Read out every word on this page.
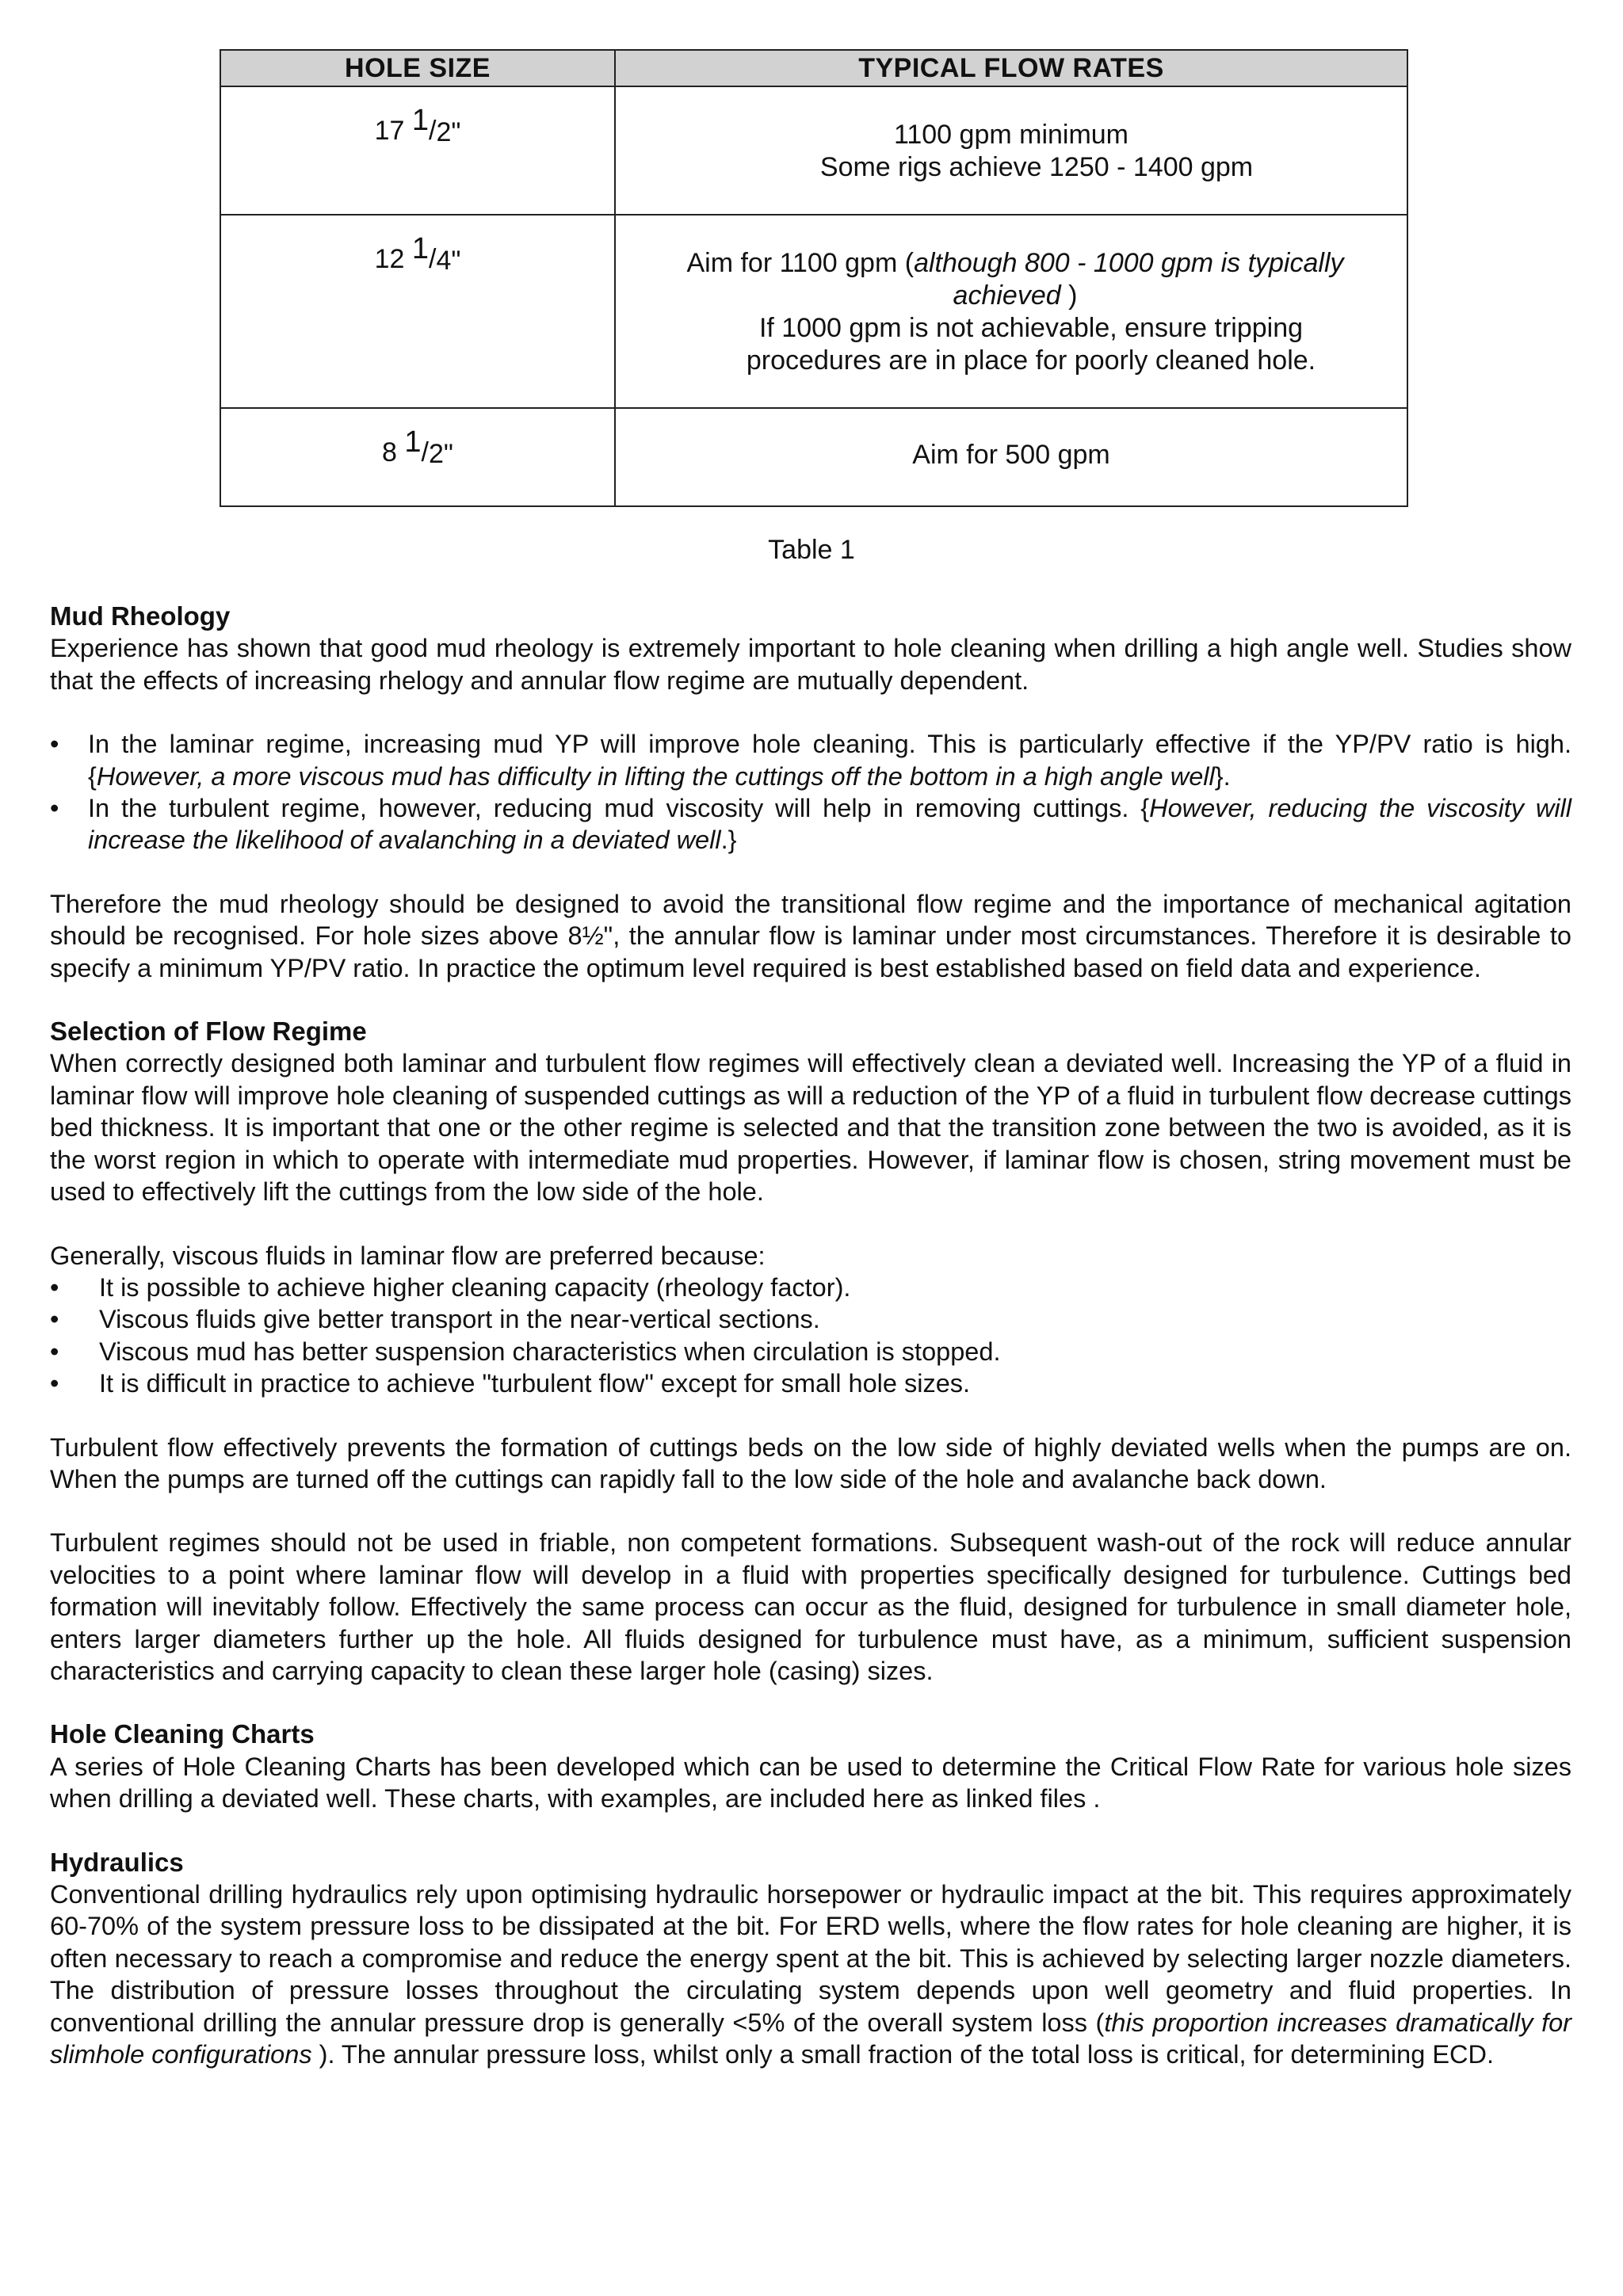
HOLE SIZE	TYPICAL FLOW RATES
17 $^1/_{2"}$	1100 gpm minimum
Some rigs achieve 1250 - 1400 gpm

12 $^1/_{4"}$	Aim for 1100 gpm (although 800 - 1000 gpm is typically achieved )
If 1000 gpm is not achievable, ensure tripping procedures are in place for poorly cleaned hole.

8 $^1/_{2"}$	Aim for 500 gpm
Table 1
Mud Rheology

Experience has shown that good mud rheology is extremely important to hole cleaning when drilling a high angle well. Studies show that the effects of increasing rhelogy and annular flow regime are mutually dependent.

• In the laminar regime, increasing mud YP will improve hole cleaning. This is particularly effective if the YP/PV ratio is high. {However, a more viscous mud has difficulty in lifting the cuttings off the bottom in a high angle well}.
• In the turbulent regime, however, reducing mud viscosity will help in removing cuttings. {However, reducing the viscosity will increase the likelihood of avalanching in a deviated well.}

Therefore the mud rheology should be designed to avoid the transitional flow regime and the importance of mechanical agitation should be recognised. For hole sizes above 8½", the annular flow is laminar under most circumstances. Therefore it is desirable to specify a minimum YP/PV ratio. In practice the optimum level required is best established based on field data and experience.

Selection of Flow Regime

When correctly designed both laminar and turbulent flow regimes will effectively clean a deviated well. Increasing the YP of a fluid in laminar flow will improve hole cleaning of suspended cuttings as will a reduction of the YP of a fluid in turbulent flow decrease cuttings bed thickness. It is important that one or the other regime is selected and that the transition zone between the two is avoided, as it is the worst region in which to operate with intermediate mud properties. However, if laminar flow is chosen, string movement must be used to effectively lift the cuttings from the low side of the hole.

Generally, viscous fluids in laminar flow are preferred because:

• It is possible to achieve higher cleaning capacity (rheology factor).
• Viscous fluids give better transport in the near-vertical sections.
• Viscous mud has better suspension characteristics when circulation is stopped.
• It is difficult in practice to achieve "turbulent flow" except for small hole sizes.

Turbulent flow effectively prevents the formation of cuttings beds on the low side of highly deviated wells when the pumps are on. When the pumps are turned off the cuttings can rapidly fall to the low side of the hole and avalanche back down.

Turbulent regimes should not be used in friable, non competent formations. Subsequent wash-out of the rock will reduce annular velocities to a point where laminar flow will develop in a fluid with properties specifically designed for turbulence. Cuttings bed formation will inevitably follow. Effectively the same process can occur as the fluid, designed for turbulence in small diameter hole, enters larger diameters further up the hole. All fluids designed for turbulence must have, as a minimum, sufficient suspension characteristics and carrying capacity to clean these larger hole (casing) sizes.

Hole Cleaning Charts

A series of Hole Cleaning Charts has been developed which can be used to determine the Critical Flow Rate for various hole sizes when drilling a deviated well. These charts, with examples, are included here as linked files .

Hydraulics

Conventional drilling hydraulics rely upon optimising hydraulic horsepower or hydraulic impact at the bit. This requires approximately 60-70% of the system pressure loss to be dissipated at the bit. For ERD wells, where the flow rates for hole cleaning are higher, it is often necessary to reach a compromise and reduce the energy spent at the bit. This is achieved by selecting larger nozzle diameters. The distribution of pressure losses throughout the circulating system depends upon well geometry and fluid properties. In conventional drilling the annular pressure drop is generally <5% of the overall system loss (this proportion increases dramatically for slimhole configurations ). The annular pressure loss, whilst only a small fraction of the total loss is critical, for determining ECD.
